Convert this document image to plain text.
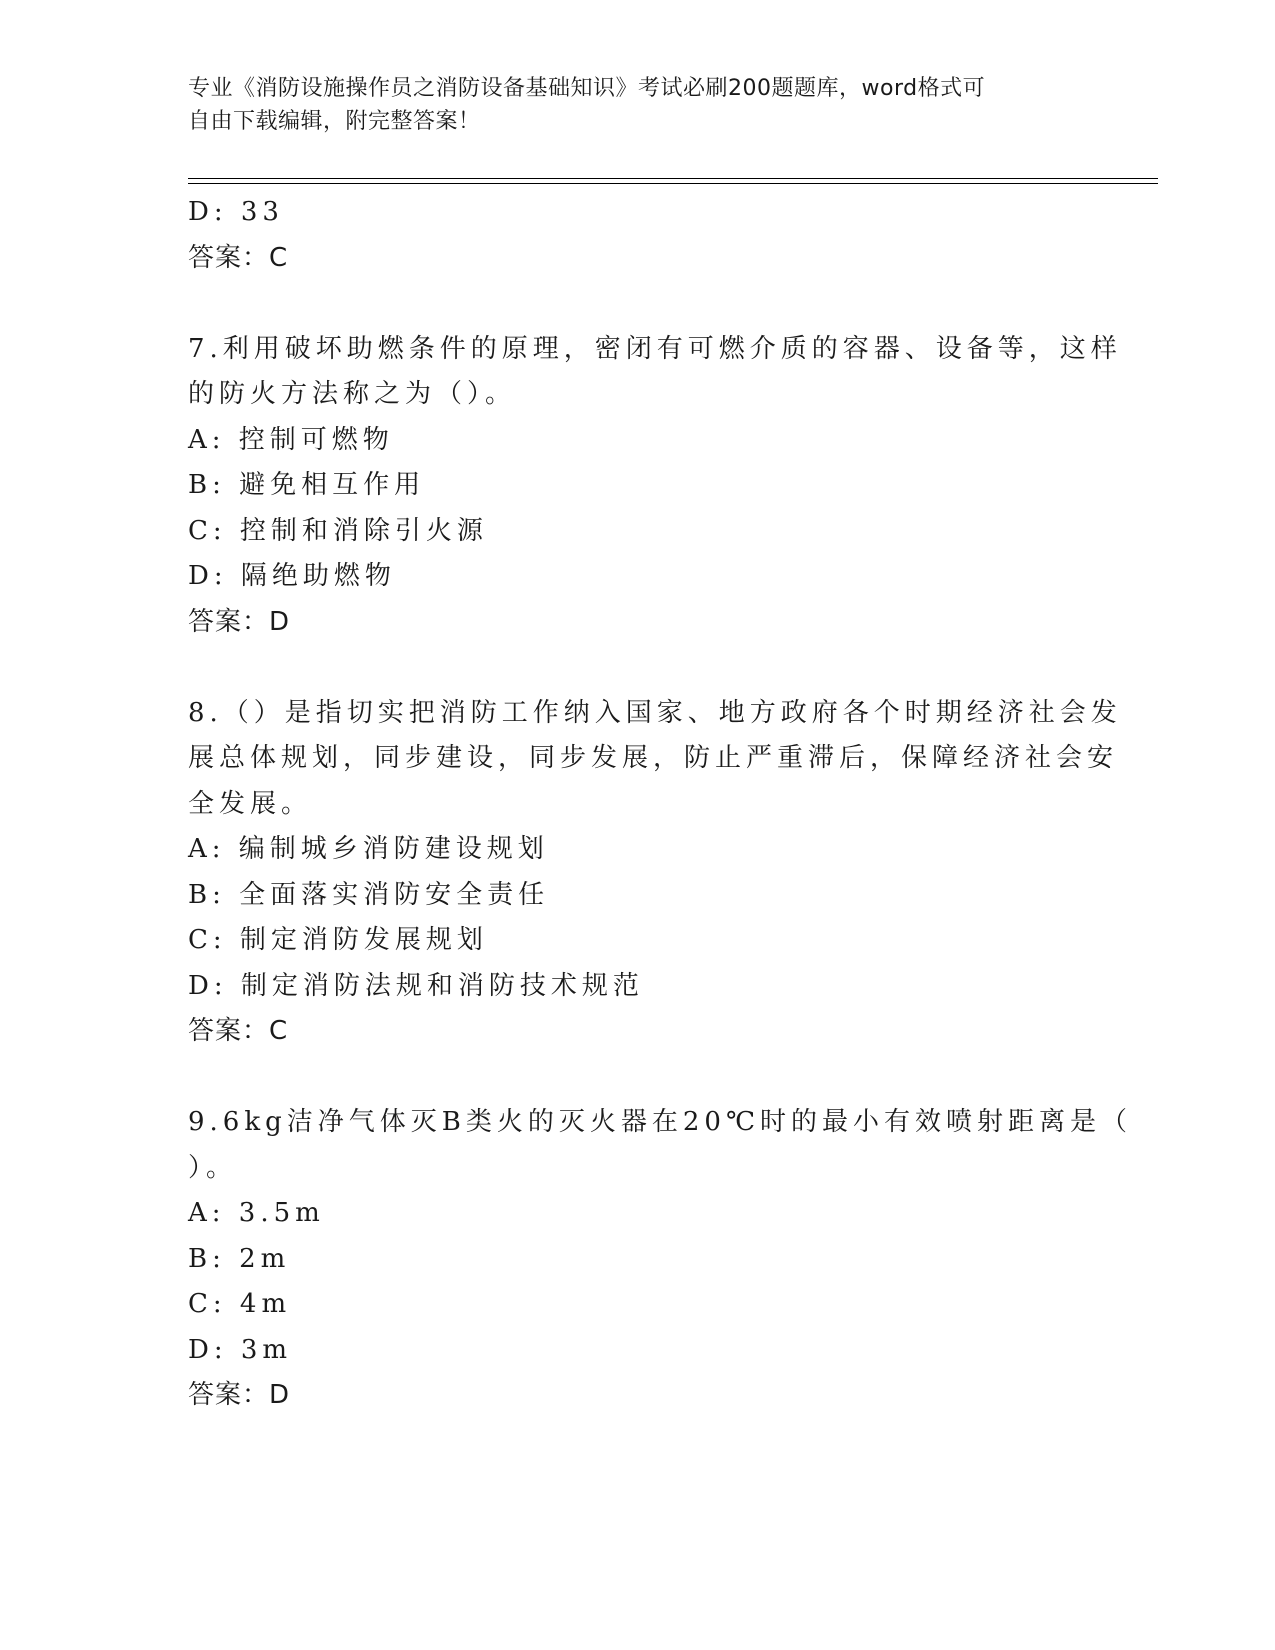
专业《消防设施操作员之消防设备基础知识》考试必刷200题题库，word格式可
自由下载编辑，附完整答案！
D: 33
答案：C
7.利用破坏助燃条件的原理，密闭有可燃介质的容器、设备等，这样
的防火方法称之为（）。
A: 控制可燃物
B: 避免相互作用
C: 控制和消除引火源
D: 隔绝助燃物
答案：D
8.（）是指切实把消防工作纳入国家、地方政府各个时期经济社会发
展总体规划，同步建设，同步发展，防止严重滞后，保障经济社会安
全发展。
A: 编制城乡消防建设规划
B: 全面落实消防安全责任
C: 制定消防发展规划
D: 制定消防法规和消防技术规范
答案：C
9.6kg洁净气体灭B类火的灭火器在20℃时的最小有效喷射距离是（
）。
A: 3.5m
B: 2m
C: 4m
D: 3m
答案：D
